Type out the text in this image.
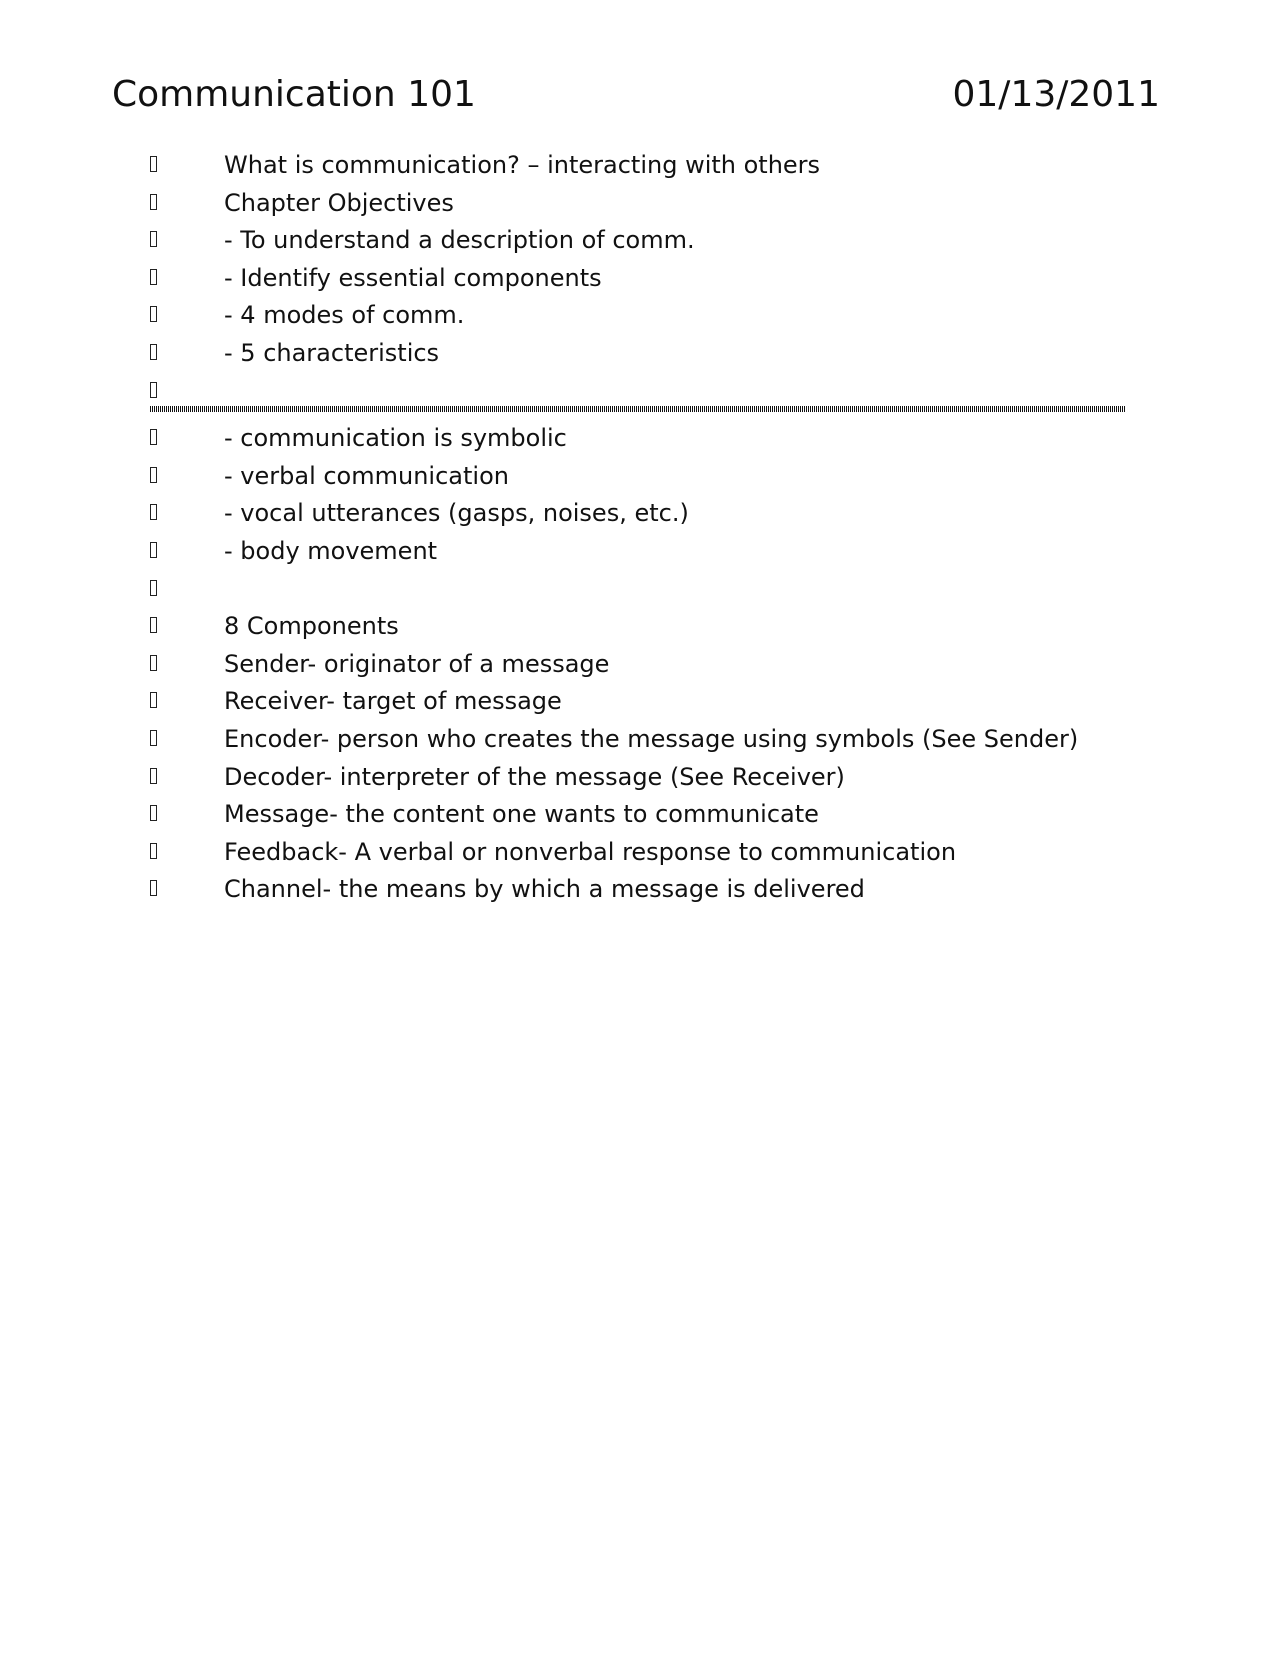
Communication 101	01/13/2011
What is communication? – interacting with others
Chapter Objectives
- To understand a description of comm.
- Identify essential components
- 4 modes of comm.
- 5 characteristics
- communication is symbolic
- verbal communication
- vocal utterances (gasps, noises, etc.)
- body movement
8 Components
Sender- originator of a message
Receiver- target of message
Encoder- person who creates the message using symbols (See Sender)
Decoder- interpreter of the message (See Receiver)
Message- the content one wants to communicate
Feedback- A verbal or nonverbal response to communication
Channel- the means by which a message is delivered
